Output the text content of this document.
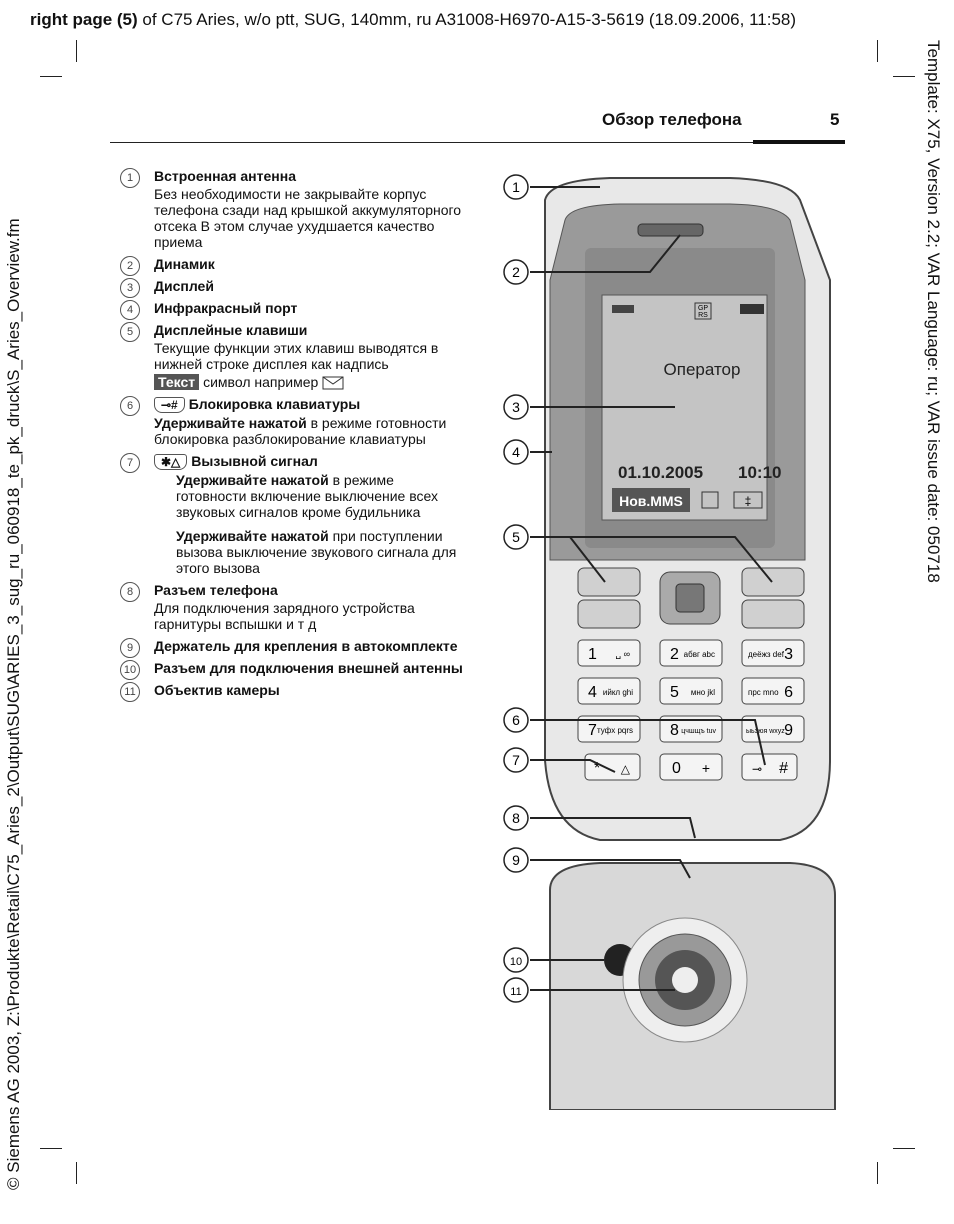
right page (5) of C75 Aries, w/o ptt, SUG, 140mm, ru A31008-H6970-A15-3-5619 (18.09.2006, 11:58)
Template: X75, Version 2.2; VAR Language: ru; VAR issue date: 050718
© Siemens AG 2003, Z:\Produkte\Retail\C75_Aries_2\Output\SUG\ARIES_3_sug_ru_060918_te_pk_druck\S_Aries_Overview.fm
Обзор телефона	5
1	Встроенная антенна
Без необходимости не закрывайте корпус телефона сзади над крышкой аккумуляторного отсека В этом случае ухудшается качество приема
2	Динамик
3	Дисплей
4	Инфракрасный порт
5	Дисплейные клавиши
Текущие функции этих клавиш выводятся в нижней строке дисплея как надпись
Текст символ например
6	⊸# Блокировка клавиатуры
Удерживайте нажатой в режиме готовности блокировка разблокирование клавиатуры
7	✱△ Вызывной сигнал
Удерживайте нажатой в режиме готовности включение выключение всех звуковых сигналов кроме будильника
Удерживайте нажатой при поступлении вызова выключение звукового сигнала для этого вызова
8	Разъем телефона
Для подключения зарядного устройства гарнитуры вспышки и т д
9	Держатель для крепления в автокомплекте
10 Разъем для подключения внешней антенны
11	Объектив камеры
GP
RS
Оператор
01.10.2005 10:10
Нов.MMS	‡
1 ␣ ∞	2 абвг abc	3
деёжз def
4 ийкл ghi 5 мно jkl	6
прс mno
7 туфх pqrs 8 цчшщъ tuv	9
ыьэюя wxyz
* △	0 +	#
⊸
1
2
3
4
5
6
7
8
9
10
11
